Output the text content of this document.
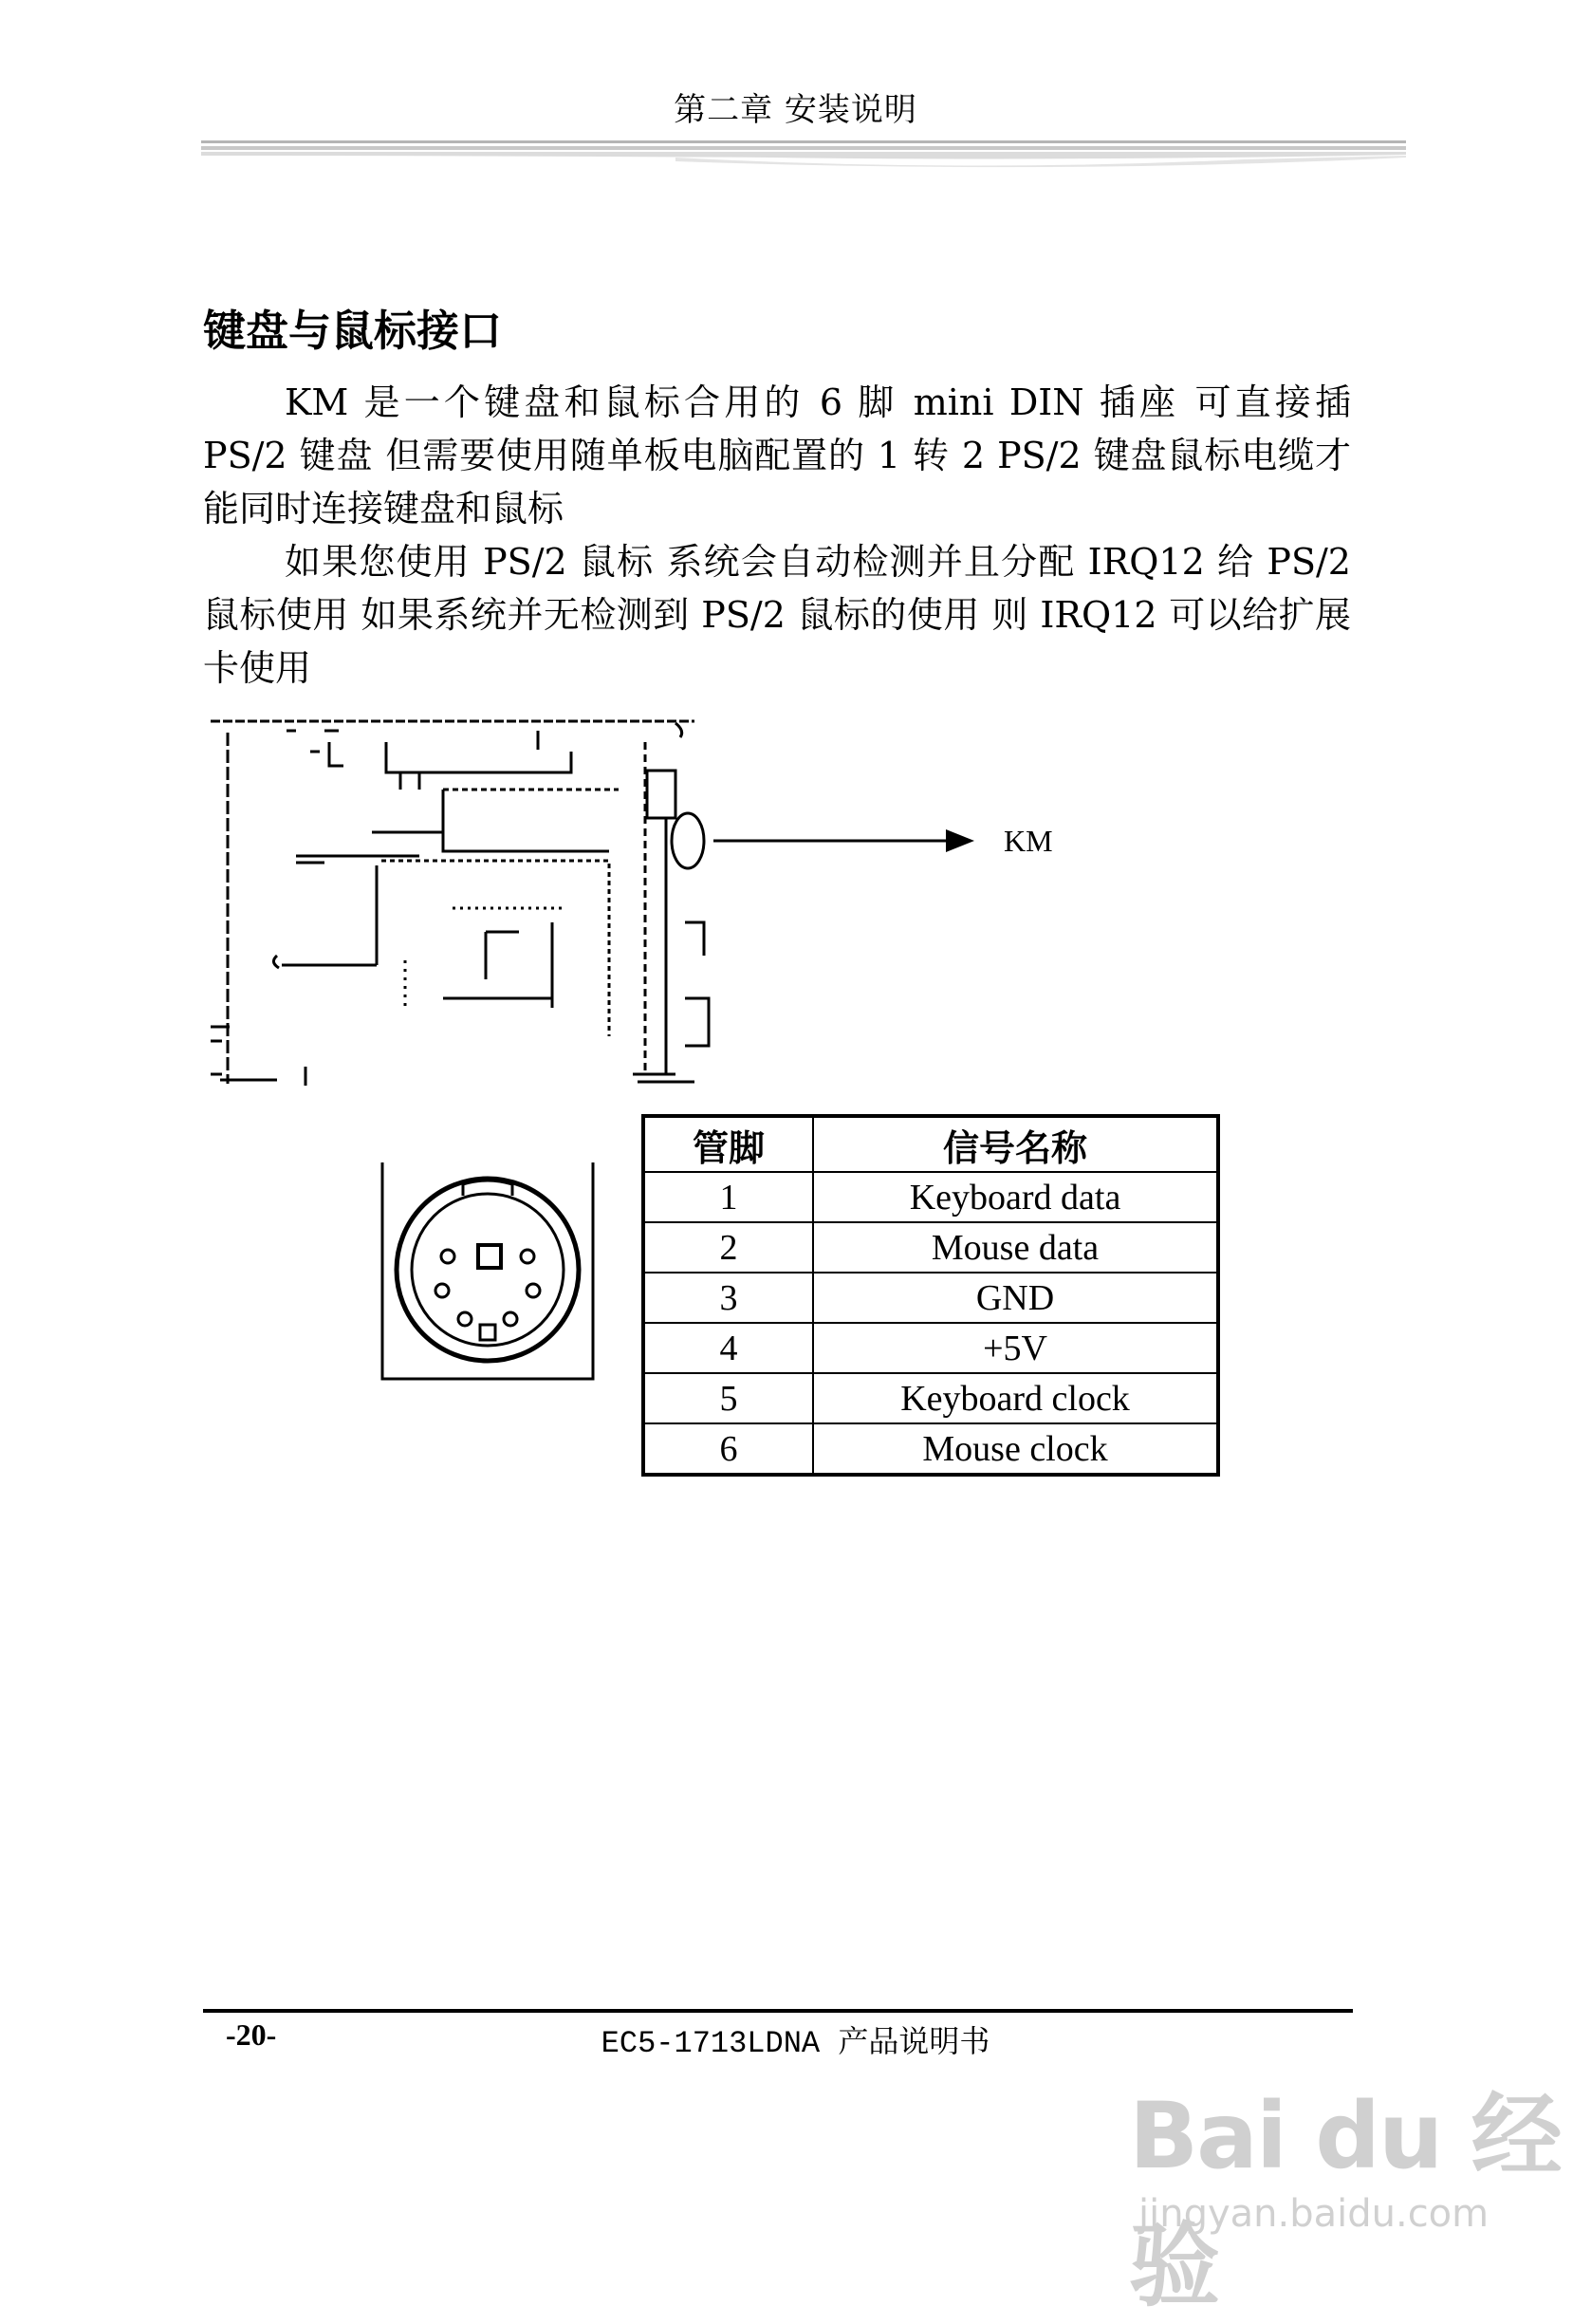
第二章 安装说明
键盘与鼠标接口
KM 是一个键盘和鼠标合用的 6 脚 mini DIN 插座 可直接插 PS/2 键盘 但需要使用随单板电脑配置的 1 转 2 PS/2 键盘鼠标电缆才能同时连接键盘和鼠标
如果您使用 PS/2 鼠标 系统会自动检测并且分配 IRQ12 给 PS/2 鼠标使用 如果系统并无检测到 PS/2 鼠标的使用 则 IRQ12 可以给扩展卡使用
KM
管脚	信号名称
1	Keyboard data
2	Mouse data
3	GND
4	+5V
5	Keyboard clock
6	Mouse clock
-20-	EC5-1713LDNA 产品说明书
Bai du 经验
jingyan.baidu.com
